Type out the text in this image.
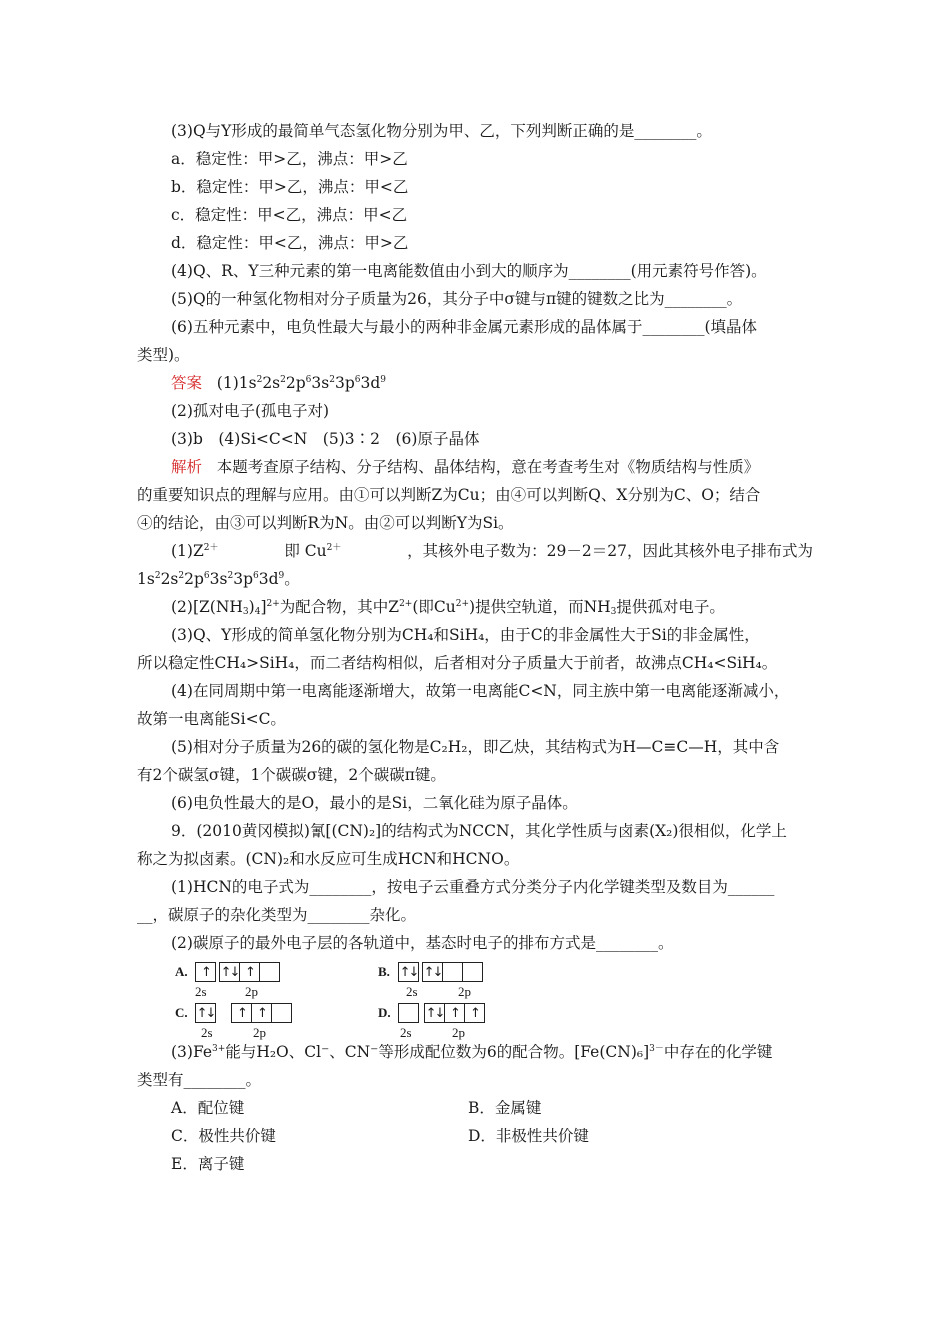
(3)Q与Y形成的最简单气态氢化物分别为甲、乙，下列判断正确的是________。
a．稳定性：甲>乙，沸点：甲>乙
b．稳定性：甲>乙，沸点：甲<乙
c．稳定性：甲<乙，沸点：甲<乙
d．稳定性：甲<乙，沸点：甲>乙
(4)Q、R、Y三种元素的第一电离能数值由小到大的顺序为________(用元素符号作答)。
(5)Q的一种氢化物相对分子质量为26，其分子中σ键与π键的键数之比为________。
(6)五种元素中，电负性最大与最小的两种非金属元素形成的晶体属于________(填晶体
类型)。
答案 $(1)1s^22s^22p^63s^23p^63d^9$
(2)孤对电子(孤电子对)
(3)b　(4)Si<C<N　(5)3∶2　(6)原子晶体
解析 本题考查原子结构、分子结构、晶体结构，意在考查考生对《物质结构与性质》
的重要知识点的理解与应用。由①可以判断Z为Cu；由④可以判断Q、X分别为C、O；结合
④的结论，由③可以判断R为N。由②可以判断Y为Si。
$(1)Z^{2+}$	即 $Cu^{2+}$	，其核外电子数为：29－2＝27，因此其核外电子排布式为
$1s^22s^22p^63s^23p^63d^9$。
$(2)[Z(NH_3)_4]^{2+}$为配合物，其中$Z^{2+}$(即$Cu^{2+}$)提供空轨道，而$NH_3$提供孤对电子。
(3)Q、Y形成的简单氢化物分别为CH₄和SiH₄，由于C的非金属性大于Si的非金属性，
所以稳定性CH₄>SiH₄，而二者结构相似，后者相对分子质量大于前者，故沸点CH₄<SiH₄。
(4)在同周期中第一电离能逐渐增大，故第一电离能C<N，同主族中第一电离能逐渐减小，
故第一电离能Si<C。
(5)相对分子质量为26的碳的氢化物是C₂H₂，即乙炔，其结构式为H—C≡C—H，其中含
有2个碳氢σ键，1个碳碳σ键，2个碳碳π键。
(6)电负性最大的是O，最小的是Si，二氧化硅为原子晶体。
9．(2010黄冈模拟)氰[(CN)₂]的结构式为NCCN，其化学性质与卤素(X₂)很相似，化学上
称之为拟卤素。(CN)₂和水反应可生成HCN和HCNO。
(1)HCN的电子式为________，按电子云重叠方式分类分子内化学键类型及数目为______
__，碳原子的杂化类型为________杂化。
(2)碳原子的最外电子层的各轨道中，基态时电子的排布方式是________。
A.	↑ ↑↓ ↑
2s	2p
B. ↑↓ ↑↓
2s	2p
C. ↑↓	↑ ↑
2s	2p
D.	↑↓ ↑ ↑
2s	2p
$(3)Fe^{3+}$能与H₂O、Cl⁻、CN⁻等形成配位数为6的配合物。$[Fe(CN)_6]^{3-}$中存在的化学键
类型有________。
A．配位键	B．金属键
C．极性共价键	D．非极性共价键
E．离子键
